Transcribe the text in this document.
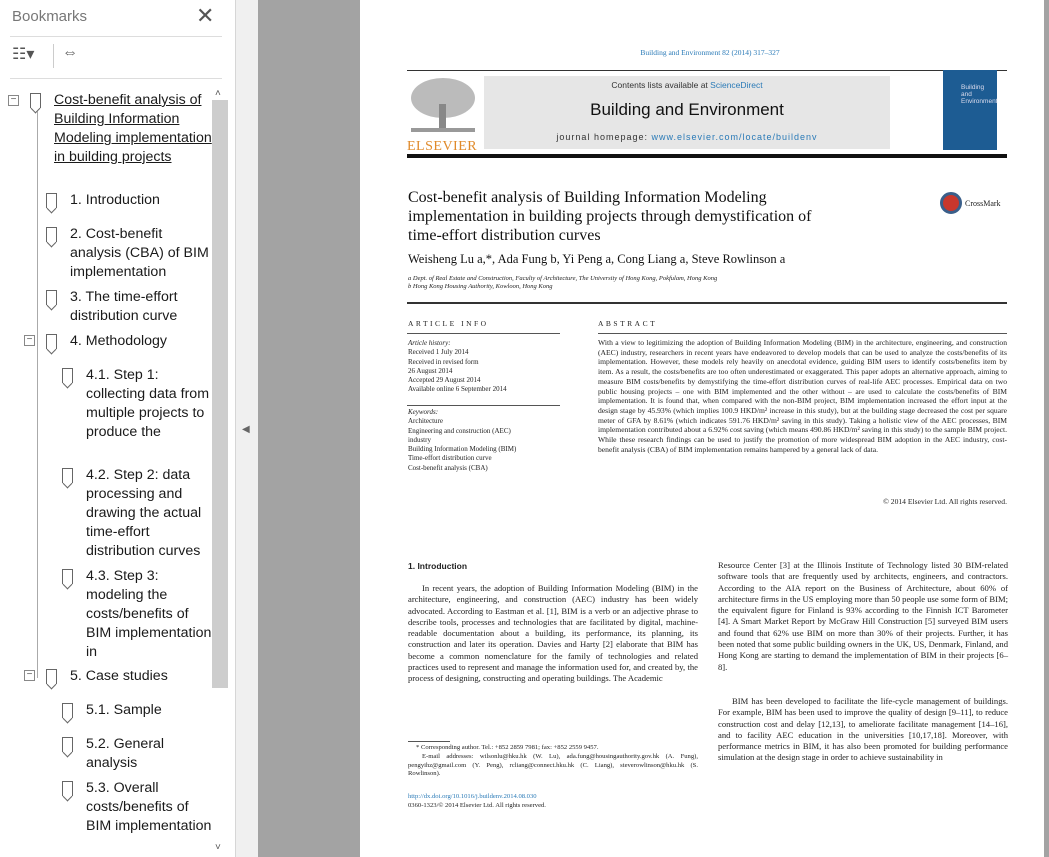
Bookmarks	✕
☷▾ ⇔
−
−
−
Cost-benefit analysis of Building Information Modeling implementation in building projects
1. Introduction
2. Cost-benefit analysis (CBA) of BIM implementation
3. The time-effort distribution curve
4. Methodology
4.1. Step 1: collecting data from multiple projects to produce the
4.2. Step 2: data processing and drawing the actual time-effort distribution curves
4.3. Step 3: modeling the costs/benefits of BIM implementation in
5. Case studies
5.1. Sample
5.2. General analysis
5.3. Overall costs/benefits of BIM implementation
˄
˅
◀
Building and Environment 82 (2014) 317–327
ELSEVIER
Contents lists available at ScienceDirect
Building and Environment
journal homepage: www.elsevier.com/locate/buildenv
Building and Environment
Cost-benefit analysis of Building Information Modeling implementation in building projects through demystification of time-effort distribution curves
CrossMark
Weisheng Lu a,*, Ada Fung b, Yi Peng a, Cong Liang a, Steve Rowlinson a
a Dept. of Real Estate and Construction, Faculty of Architecture, The University of Hong Kong, Pokfulam, Hong Kong
b Hong Kong Housing Authority, Kowloon, Hong Kong
ARTICLE INFO	ABSTRACT
Article history:
Received 1 July 2014
Received in revised form
26 August 2014
Accepted 29 August 2014
Available online 6 September 2014
Keywords:
Architecture
Engineering and construction (AEC)
industry
Building Information Modeling (BIM)
Time-effort distribution curve
Cost-benefit analysis (CBA)
With a view to legitimizing the adoption of Building Information Modeling (BIM) in the architecture, engineering, and construction (AEC) industry, researchers in recent years have endeavored to develop models that can be used to analyze the costs/benefits of its implementation. However, these models rely heavily on anecdotal evidence, guiding BIM users to identify costs/benefits item by item. As a result, the costs/benefits are too often underestimated or exaggerated. This paper adopts an alternative approach, aiming to measure BIM costs/benefits by demystifying the time-effort distribution curves of real-life AEC processes. Empirical data on two public housing projects – one with BIM implemented and the other without – are used to calculate the costs/benefits of BIM implementation. It is found that, when compared with the non-BIM project, BIM implementation increased the effort input at the design stage by 45.93% (which implies 100.9 HKD/m² increase in this study), but at the building stage decreased the cost per square meter of GFA by 8.61% (which indicates 591.76 HKD/m² saving in this study). Taking a holistic view of the AEC processes, BIM implementation contributed about a 6.92% cost saving (which means 490.86 HKD/m² saving in this study) to the sample BIM project. While these research findings can be used to justify the promotion of more widespread BIM adoption in the AEC industry, cost-benefit analysis (CBA) of BIM implementation remains hampered by a general lack of data.
© 2014 Elsevier Ltd. All rights reserved.
1. Introduction
In recent years, the adoption of Building Information Modeling (BIM) in the architecture, engineering, and construction (AEC) industry has been widely advocated. According to Eastman et al. [1], BIM is a verb or an adjective phrase to describe tools, processes and technologies that are facilitated by digital, machine-readable documentation about a building, its performance, its planning, its construction and later its operation. Davies and Harty [2] elaborate that BIM has become a common nomenclature for the family of technologies and related practices used to represent and manage the information used for, and created by, the process of designing, constructing and operating buildings. The Academic
Resource Center [3] at the Illinois Institute of Technology listed 30 BIM-related software tools that are frequently used by architects, engineers, and contractors. According to the AIA report on the Business of Architecture, about 60% of architecture firms in the US employing more than 50 people use some form of BIM; the equivalent figure for Finland is 93% according to the Finnish ICT Barometer [4]. A Smart Market Report by McGraw Hill Construction [5] surveyed BIM users and found that 62% use BIM on more than 30% of their projects. Further, it has been noted that some public building owners in the UK, US, Denmark, Finland, and Hong Kong are starting to demand the implementation of BIM in their projects [6–8].
BIM has been developed to facilitate the life-cycle management of buildings. For example, BIM has been used to improve the quality of design [9–11], to reduce construction cost and delay [12,13], to ameliorate facilitate management [14–16], and to facility AEC education in the universities [10,17,18]. Moreover, with performance metrics in BIM, it has also been promoted for building performance simulation at the design stage in order to achieve sustainability in
* Corresponding author. Tel.: +852 2859 7981; fax: +852 2559 9457.
E-mail addresses: wilsonlu@hku.hk (W. Lu), ada.fung@housingauthority.gov.hk (A. Fung), pengyihz@gmail.com (Y. Peng), rcliang@connect.hku.hk (C. Liang), steverowlinson@hku.hk (S. Rowlinson).
http://dx.doi.org/10.1016/j.buildenv.2014.08.030
0360-1323/© 2014 Elsevier Ltd. All rights reserved.
